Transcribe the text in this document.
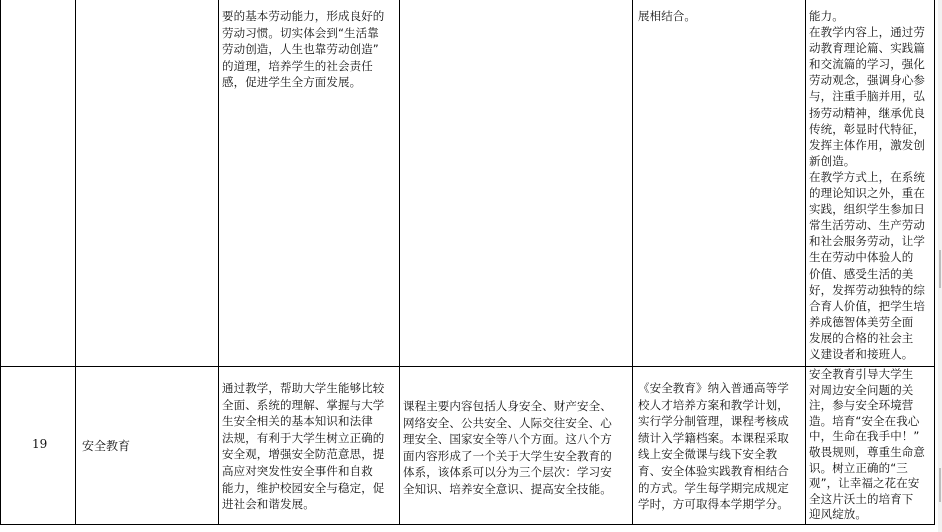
要的基本劳动能力，形成良好的
劳动习惯。切实体会到“生活靠
劳动创造，人生也靠劳动创造”
的道理，培养学生的社会责任
感，促进学生全方面发展。
展相结合。	能力。
在教学内容上，通过劳
动教育理论篇、实践篇
和交流篇的学习，强化
劳动观念，强调身心参
与，注重手脑并用，弘
扬劳动精神，继承优良
传统，彰显时代特征，
发挥主体作用，激发创
新创造。
在教学方式上，在系统
的理论知识之外，重在
实践，组织学生参加日
常生活劳动、生产劳动
和社会服务劳动，让学
生在劳动中体验人的
价值、感受生活的美
好，发挥劳动独特的综
合育人价值，把学生培
养成德智体美劳全面
发展的合格的社会主
义建设者和接班人。
19	安全教育
通过教学，帮助大学生能够比较
全面、系统的理解、掌握与大学
生安全相关的基本知识和法律
法规，有利于大学生树立正确的
安全观，增强安全防范意思，提
高应对突发性安全事件和自救
能力，维护校园安全与稳定，促
进社会和谐发展。
课程主要内容包括人身安全、财产安全、
网络安全、公共安全、人际交往安全、心
理安全、国家安全等八个方面。这八个方
面内容形成了一个关于大学生安全教育的
体系，该体系可以分为三个层次：学习安
全知识、培养安全意识、提高安全技能。
《安全教育》纳入普通高等学
校人才培养方案和教学计划，
实行学分制管理，课程考核成
绩计入学籍档案。本课程采取
线上安全微课与线下安全教
育、安全体验实践教育相结合
的方式。学生每学期完成规定
学时，方可取得本学期学分。
安全教育引导大学生
对周边安全问题的关
注，参与安全环境营
造。培育“安全在我心
中，生命在我手中！”
敬畏规则，尊重生命意
识。树立正确的“三
观”，让幸福之花在安
全这片沃土的培育下
迎风绽放。
